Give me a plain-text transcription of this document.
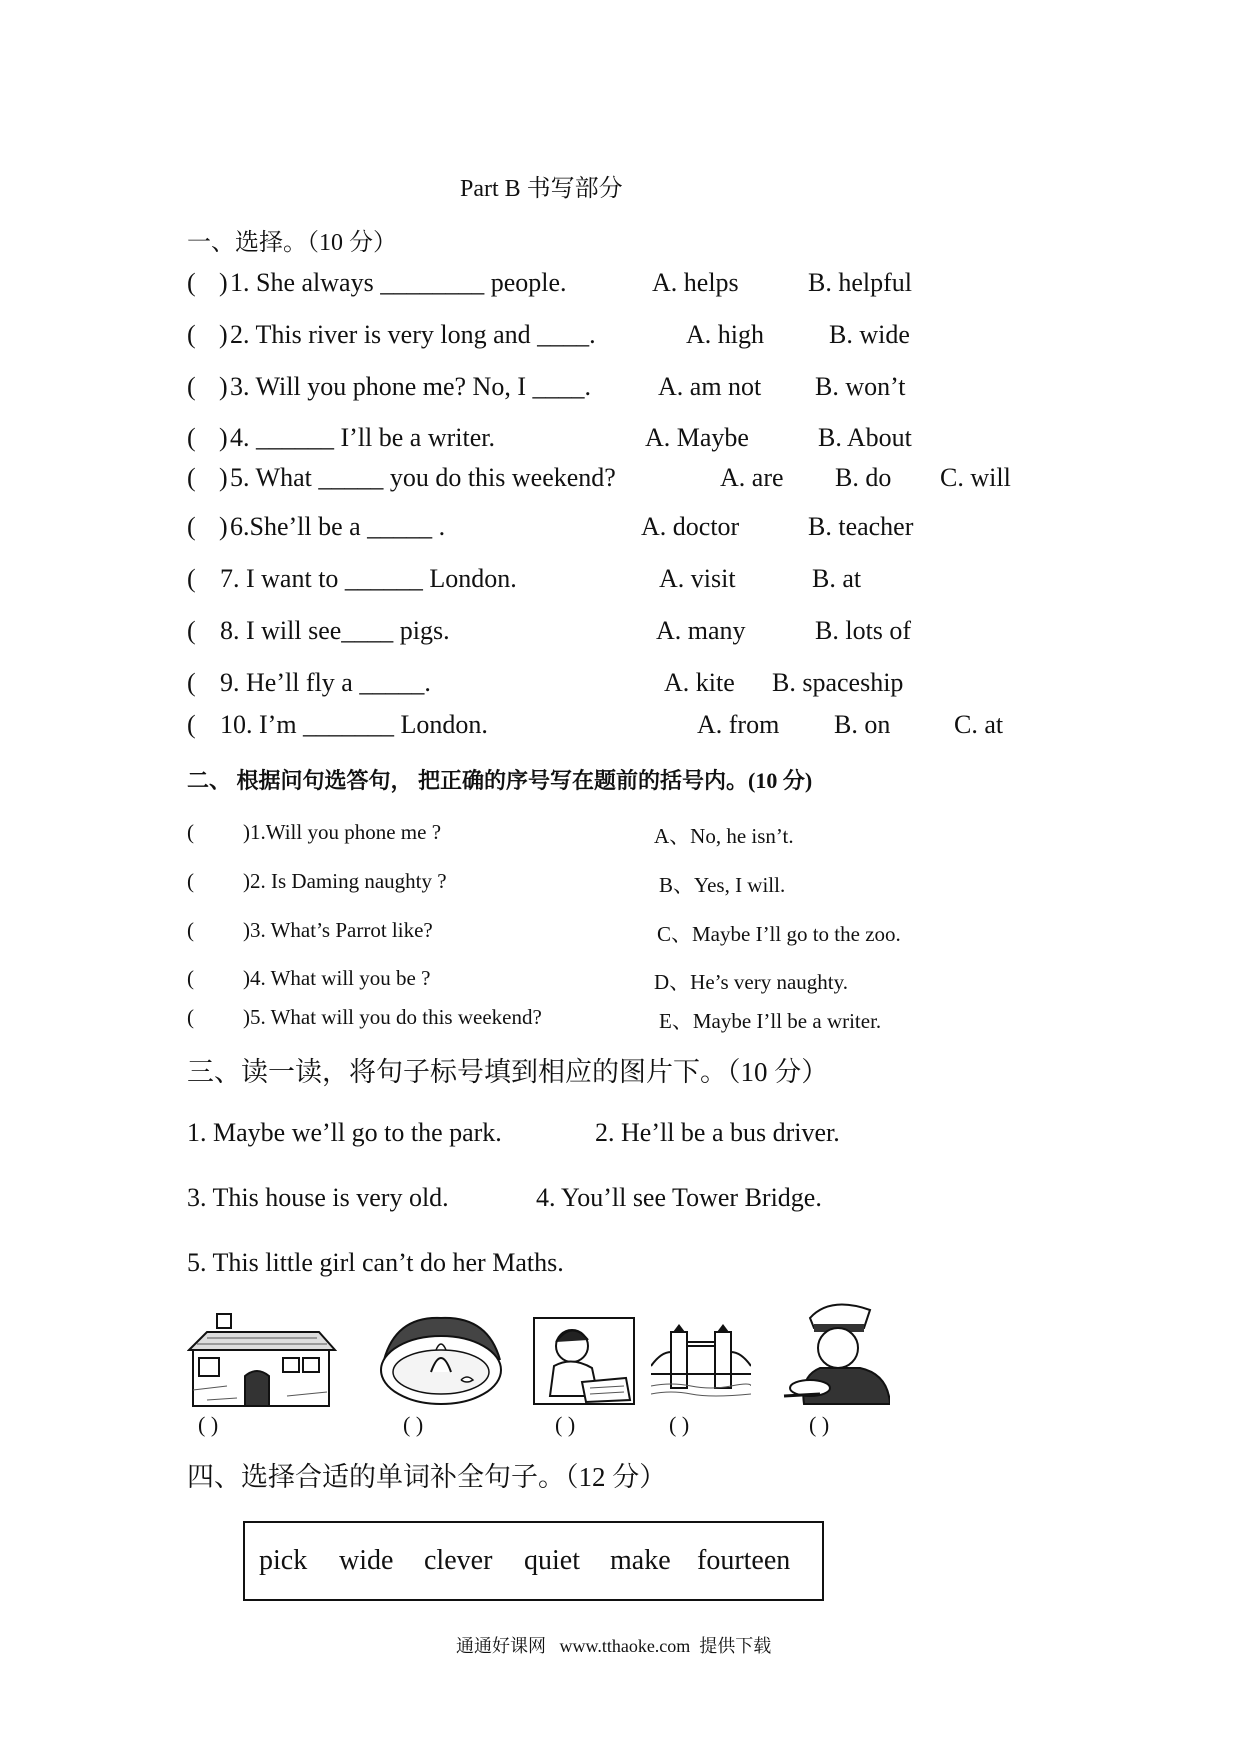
Part B 书写部分
一、选择。（10 分）
( 1. She always ________ people.	A. helps	B. helpful
( 2. This river is very long and ____.	A. high	B. wide
( 3. Will you phone me? No, I ____.	A. am not B. won’t
( 4. ______ I’ll be a writer.	A. Maybe	B. About
( 5. What _____ you do this weekend?	A. are B. do C. will
( 6.She’ll be a _____ .	A. doctor	B. teacher
( 7. I want to ______ London.	A. visit	B. at
( 8. I will see____ pigs.	A. many	B. lots of
( 9. He’ll fly a _____.	A. kite B. spaceship
( 10. I’m _______ London.	A. from B. on C. at
二、 根据问句选答句， 把正确的序号写在题前的括号内。(10 分)
( )1.Will you phone me ?	A、No, he isn’t.
( )2. Is Daming naughty ?	B、Yes, I will.
( )3. What’s Parrot like?	C、Maybe I’ll go to the zoo.
( )4. What will you be ?	D、He’s very naughty.
( )5. What will you do this weekend?	E、Maybe I’ll be a writer.
三、读一读，将句子标号填到相应的图片下。（10 分）
1. Maybe we’ll go to the park.	2. He’ll be a bus driver.
3. This house is very old.	4. You’ll see Tower Bridge.
5. This little girl can’t do her Maths.
( )	( )	( )	( )	( )
四、选择合适的单词补全句子。（12 分）
pick wide clever quiet make fourteen
通通好课网   www.tthaoke.com  提供下载
)
)
)
)
)
)
